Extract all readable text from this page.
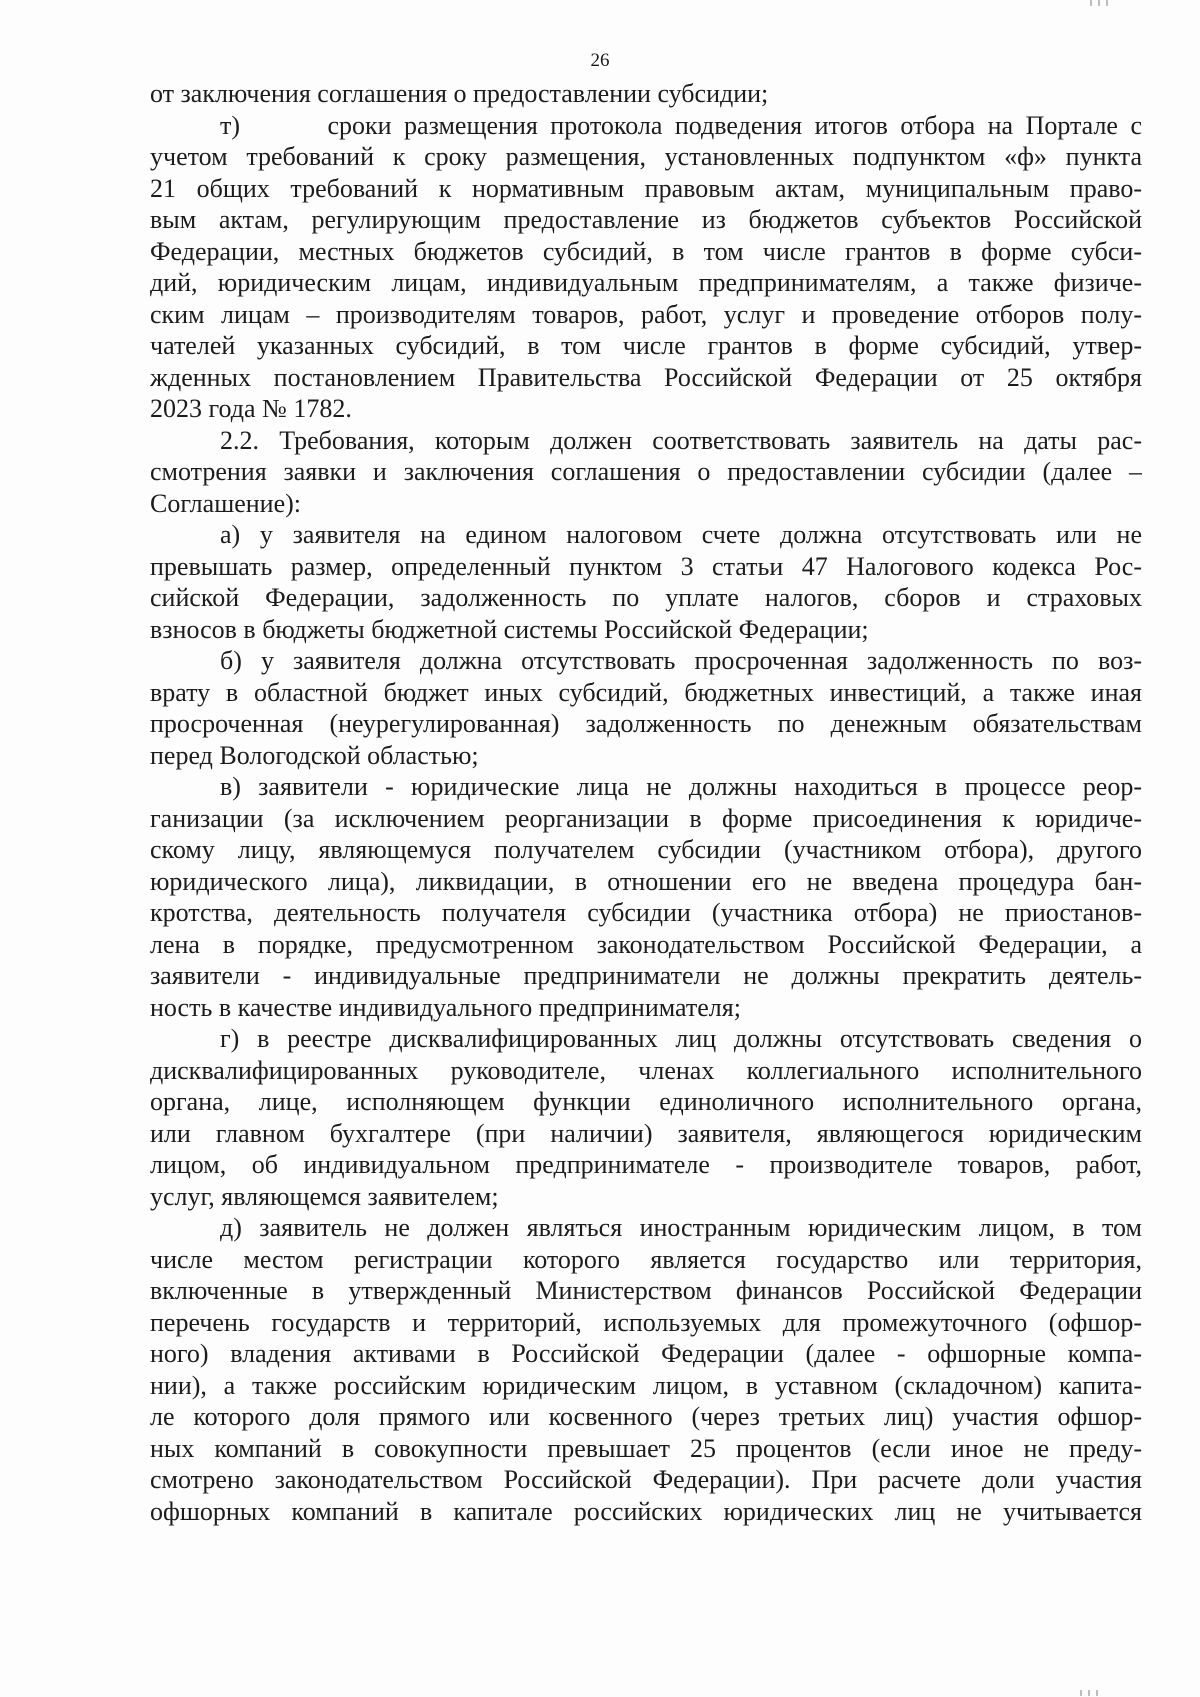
26
от заключения соглашения о предоставлении субсидии;
т)       сроки размещения протокола подведения итогов отбора на Портале с
учетом требований к сроку размещения, установленных подпунктом «ф» пункта
21 общих требований к нормативным правовым актам, муниципальным право-
вым актам, регулирующим предоставление из бюджетов субъектов Российской
Федерации, местных бюджетов субсидий, в том числе грантов в форме субси-
дий, юридическим лицам, индивидуальным предпринимателям, а также физиче-
ским лицам – производителям товаров, работ, услуг и проведение отборов полу-
чателей указанных субсидий, в том числе грантов в форме субсидий, утвер-
жденных постановлением Правительства Российской Федерации от 25 октября
2023 года № 1782.
2.2. Требования, которым должен соответствовать заявитель на даты рас-
смотрения заявки и заключения соглашения о предоставлении субсидии (далее –
Соглашение):
а) у заявителя на едином налоговом счете должна отсутствовать или не
превышать размер, определенный пунктом 3 статьи 47 Налогового кодекса Рос-
сийской Федерации, задолженность по уплате налогов, сборов и страховых
взносов в бюджеты бюджетной системы Российской Федерации;
б) у заявителя должна отсутствовать просроченная задолженность по воз-
врату в областной бюджет иных субсидий, бюджетных инвестиций, а также иная
просроченная (неурегулированная) задолженность по денежным обязательствам
перед Вологодской областью;
в) заявители - юридические лица не должны находиться в процессе реор-
ганизации (за исключением реорганизации в форме присоединения к юридиче-
скому лицу, являющемуся получателем субсидии (участником отбора), другого
юридического лица), ликвидации, в отношении его не введена процедура бан-
кротства, деятельность получателя субсидии (участника отбора) не приостанов-
лена в порядке, предусмотренном законодательством Российской Федерации, а
заявители - индивидуальные предприниматели не должны прекратить деятель-
ность в качестве индивидуального предпринимателя;
г) в реестре дисквалифицированных лиц должны отсутствовать сведения о
дисквалифицированных руководителе, членах коллегиального исполнительного
органа, лице, исполняющем функции единоличного исполнительного органа,
или главном бухгалтере (при наличии) заявителя, являющегося юридическим
лицом, об индивидуальном предпринимателе - производителе товаров, работ,
услуг, являющемся заявителем;
д) заявитель не должен являться иностранным юридическим лицом, в том
числе местом регистрации которого является государство или территория,
включенные в утвержденный Министерством финансов Российской Федерации
перечень государств и территорий, используемых для промежуточного (офшор-
ного) владения активами в Российской Федерации (далее - офшорные компа-
нии), а также российским юридическим лицом, в уставном (складочном) капита-
ле которого доля прямого или косвенного (через третьих лиц) участия офшор-
ных компаний в совокупности превышает 25 процентов (если иное не преду-
смотрено законодательством Российской Федерации). При расчете доли участия
офшорных компаний в капитале российских юридических лиц не учитывается
